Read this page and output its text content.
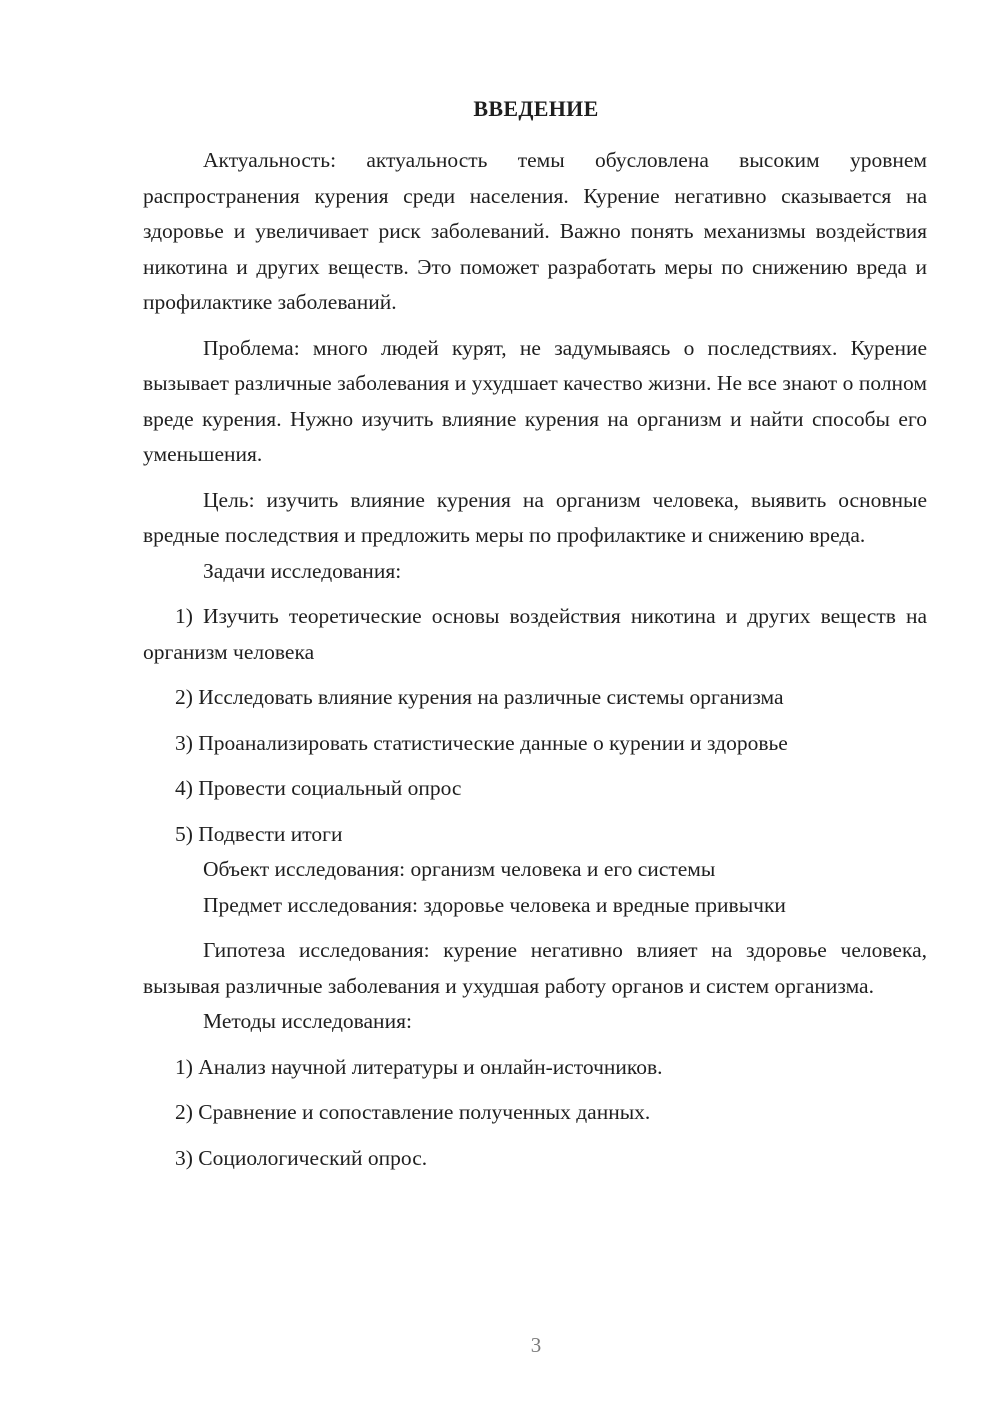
ВВЕДЕНИЕ

Актуальность: актуальность темы обусловлена высоким уровнем распространения курения среди населения. Курение негативно сказывается на здоровье и увеличивает риск заболеваний. Важно понять механизмы воздействия никотина и других веществ. Это поможет разработать меры по снижению вреда и профилактике заболеваний.

Проблема: много людей курят, не задумываясь о последствиях. Курение вызывает различные заболевания и ухудшает качество жизни. Не все знают о полном вреде курения. Нужно изучить влияние курения на организм и найти способы его уменьшения.

Цель: изучить влияние курения на организм человека, выявить основные вредные последствия и предложить меры по профилактике и снижению вреда.

Задачи исследования:

1) Изучить теоретические основы воздействия никотина и других веществ на организм человека

2) Исследовать влияние курения на различные системы организма

3) Проанализировать статистические данные о курении и здоровье

4) Провести социальный опрос

5) Подвести итоги

Объект исследования: организм человека и его системы

Предмет исследования: здоровье человека и вредные привычки

Гипотеза исследования: курение негативно влияет на здоровье человека, вызывая различные заболевания и ухудшая работу органов и систем организма.

Методы исследования:

1) Анализ научной литературы и онлайн-источников.

2) Сравнение и сопоставление полученных данных.

3) Социологический опрос.

3
